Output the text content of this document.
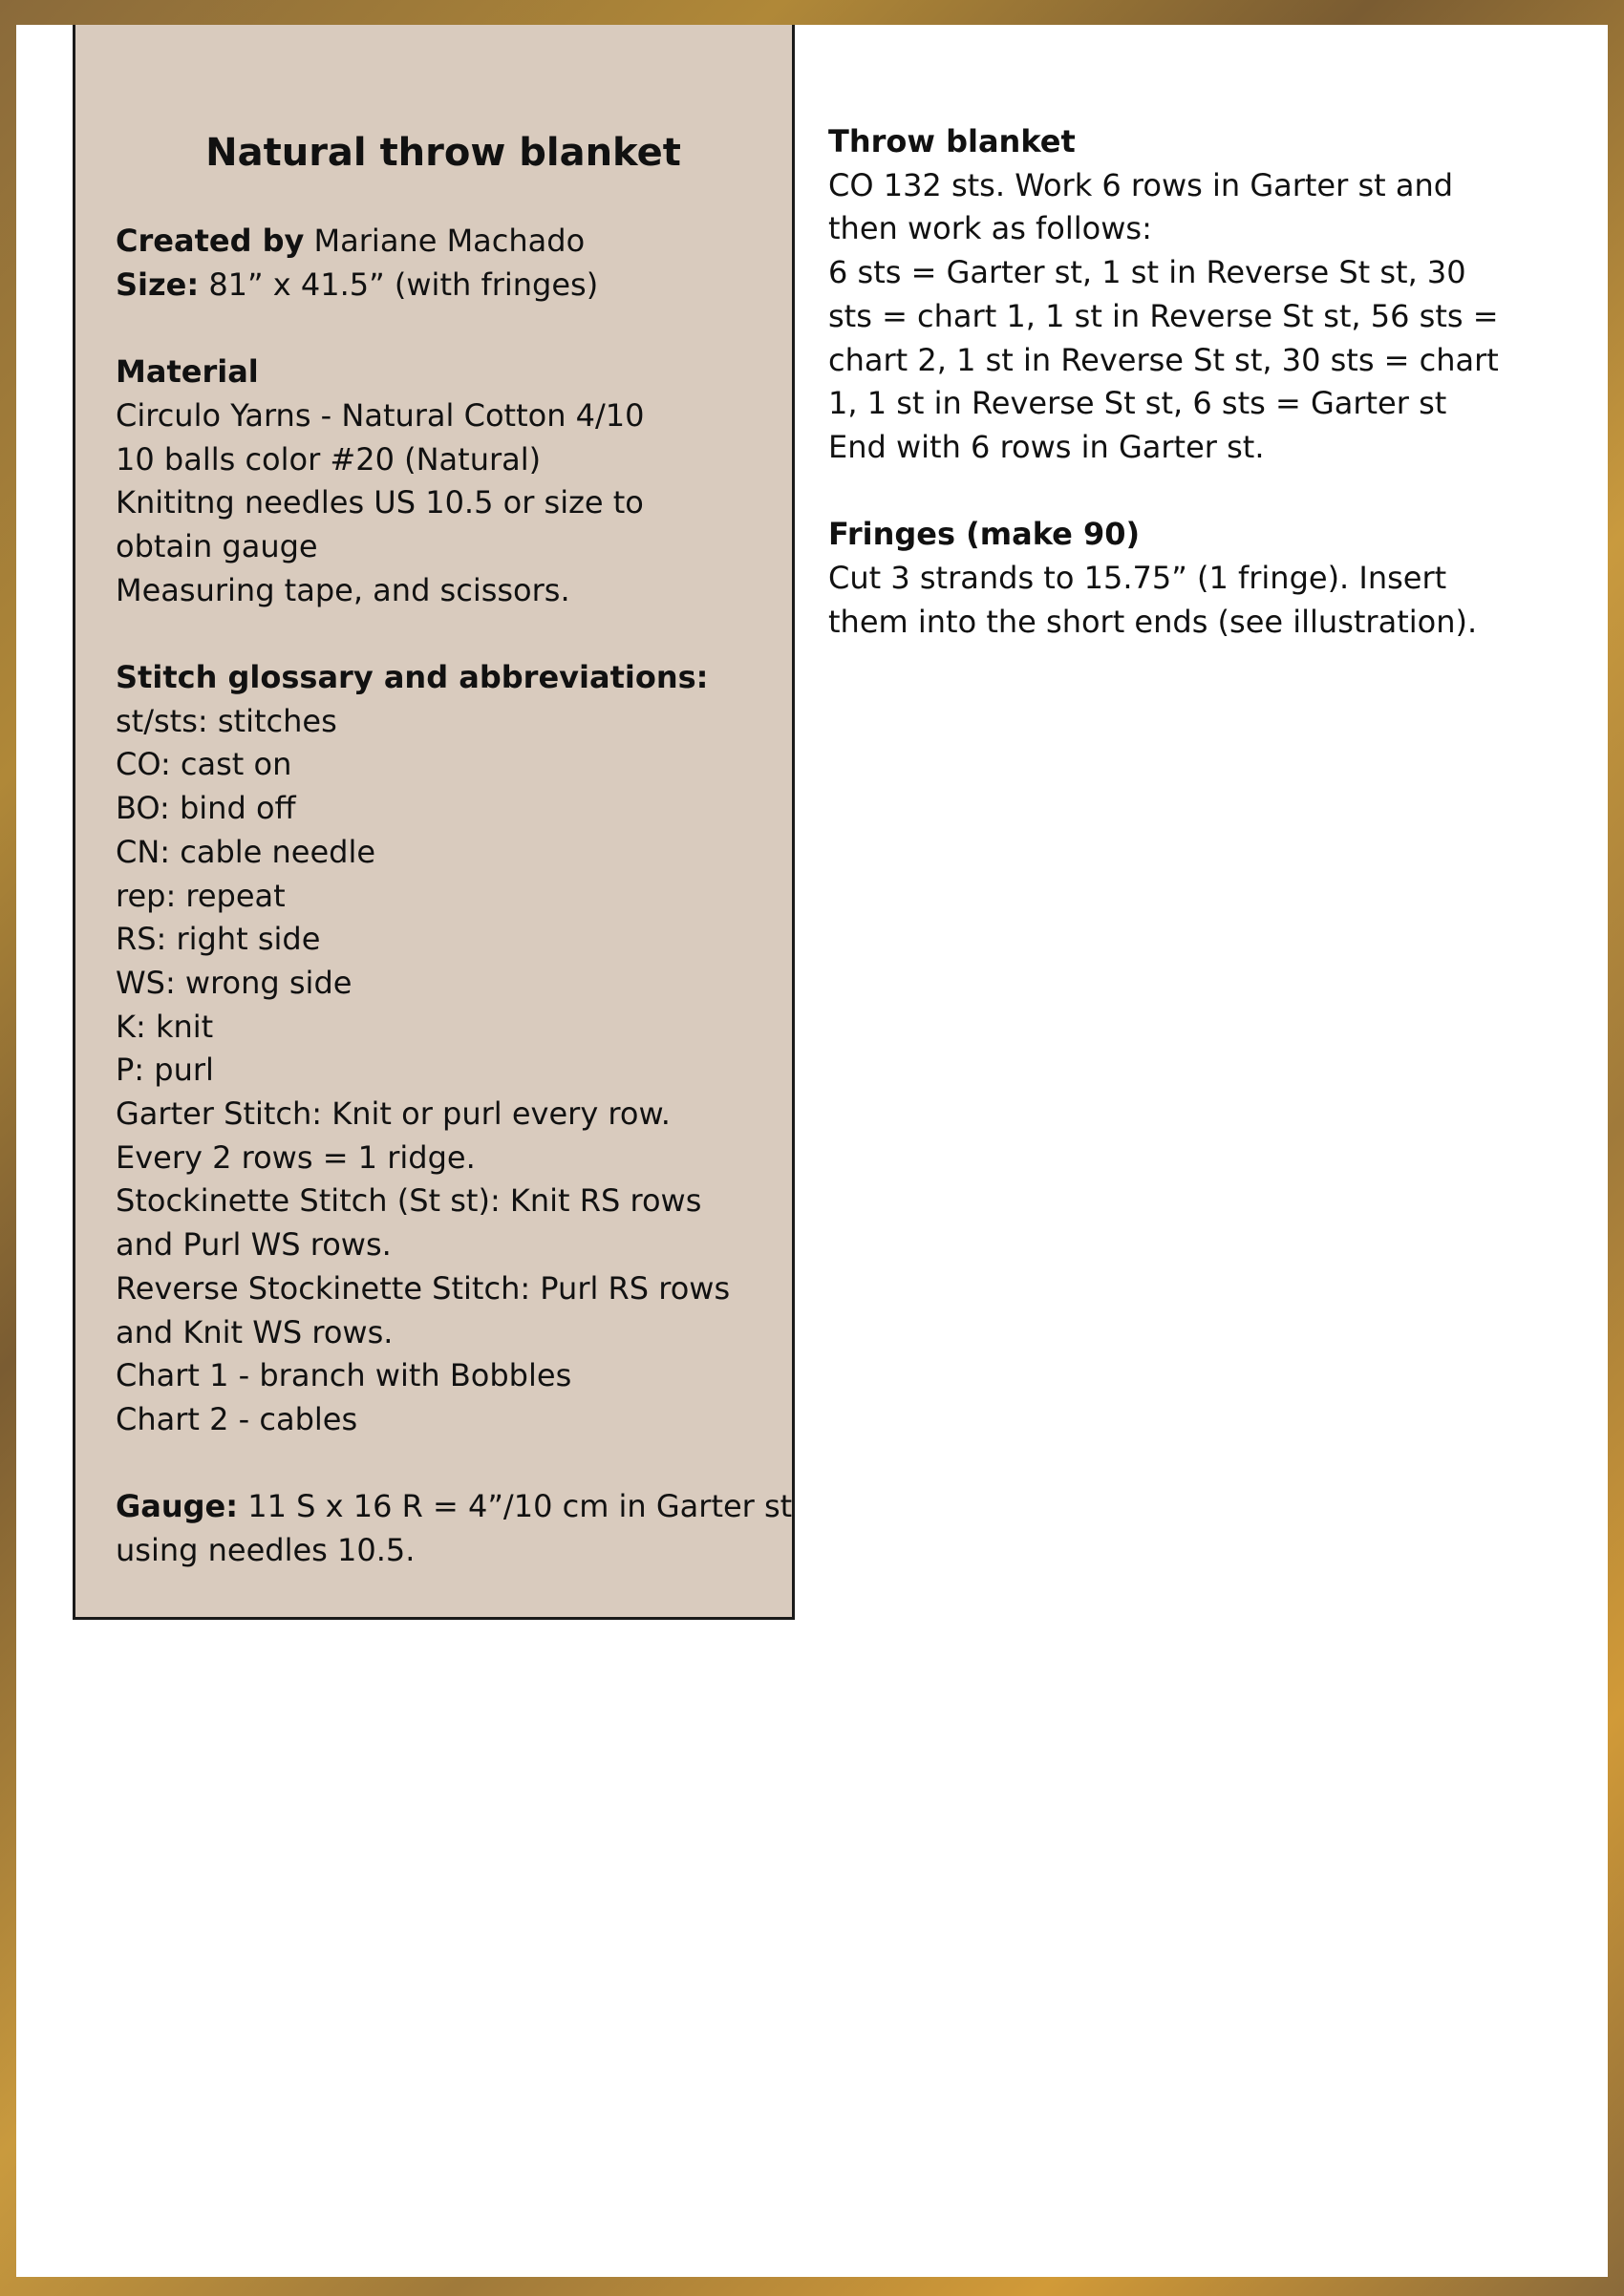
Natural throw blanket
Created by Mariane Machado
Size: 81” x 41.5” (with fringes)
Material
Circulo Yarns - Natural Cotton 4/10
10 balls color #20 (Natural)
Knititng needles US 10.5 or size to
obtain gauge
Measuring tape, and scissors.
Stitch glossary and abbreviations:
st/sts: stitches
CO: cast on
BO: bind off
CN: cable needle
rep: repeat
RS: right side
WS: wrong side
K: knit
P: purl
Garter Stitch: Knit or purl every row.
Every 2 rows = 1 ridge.
Stockinette Stitch (St st): Knit RS rows
and Purl WS rows.
Reverse Stockinette Stitch: Purl RS rows
and Knit WS rows.
Chart 1 - branch with Bobbles
Chart 2 - cables
Gauge: 11 S x 16 R = 4”/10 cm in Garter st
using needles 10.5.
Throw blanket
CO 132 sts. Work 6 rows in Garter st and
then work as follows:
6 sts = Garter st, 1 st in Reverse St st, 30
sts = chart 1, 1 st in Reverse St st, 56 sts =
chart 2, 1 st in Reverse St st, 30 sts = chart
1, 1 st in Reverse St st, 6 sts = Garter st
End with 6 rows in Garter st.
Fringes (make 90)
Cut 3 strands to 15.75” (1 fringe). Insert
them into the short ends (see illustration).
